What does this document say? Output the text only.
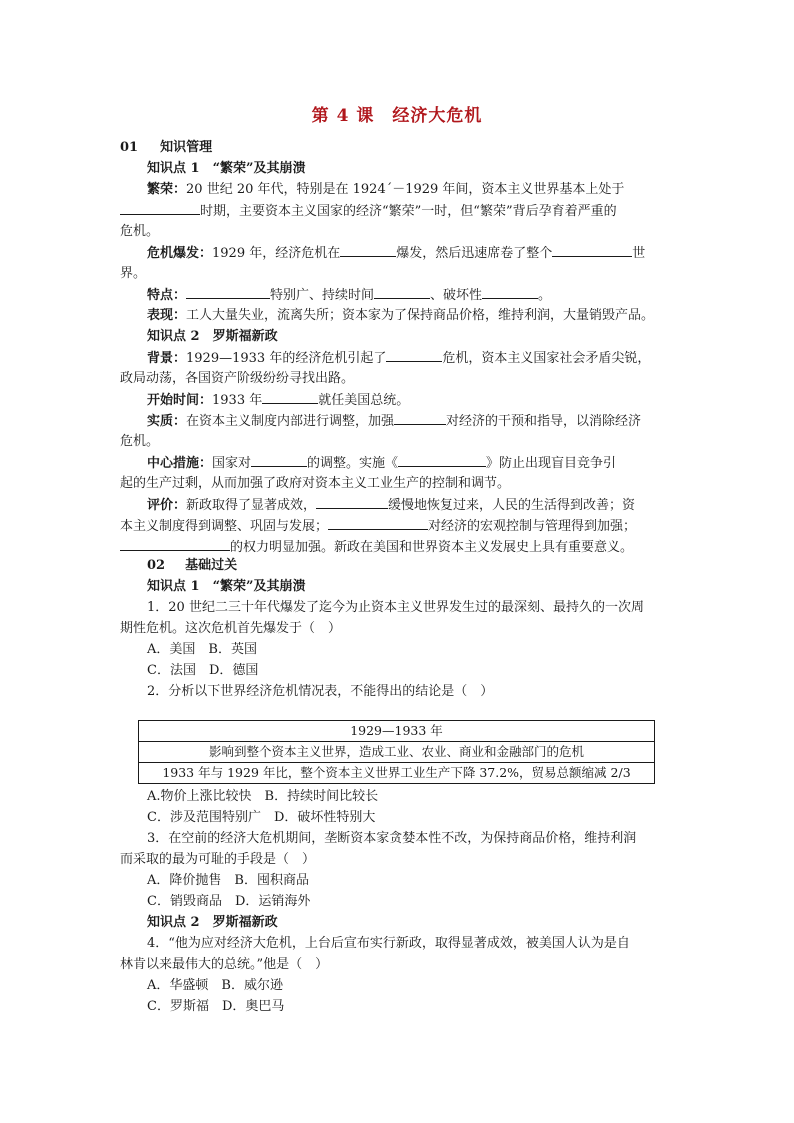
第 4 课　经济大危机
01 知识管理
知识点 1　“繁荣”及其崩溃
繁荣：20 世纪 20 年代，特别是在 1924´－1929 年间，资本主义世界基本上处于
时期，主要资本主义国家的经济“繁荣”一时，但“繁荣”背后孕育着严重的
危机。
危机爆发：1929 年，经济危机在	爆发，然后迅速席卷了整个	世
界。
特点：	特别广、持续时间	、破坏性	。
表现：工人大量失业，流离失所；资本家为了保持商品价格，维持利润，大量销毁产品。
知识点 2　罗斯福新政
背景：1929—1933 年的经济危机引起了	危机，资本主义国家社会矛盾尖锐，
政局动荡，各国资产阶级纷纷寻找出路。
开始时间：1933 年	就任美国总统。
实质：在资本主义制度内部进行调整，加强	对经济的干预和指导，以消除经济
危机。
中心措施：国家对	的调整。实施《	》防止出现盲目竞争引
起的生产过剩，从而加强了政府对资本主义工业生产的控制和调节。
评价：新政取得了显著成效，	缓慢地恢复过来，人民的生活得到改善；资
本主义制度得到调整、巩固与发展；	对经济的宏观控制与管理得到加强；
的权力明显加强。新政在美国和世界资本主义发展史上具有重要意义。
02 基础过关
知识点 1　“繁荣”及其崩溃
1．20 世纪二三十年代爆发了迄今为止资本主义世界发生过的最深刻、最持久的一次周
期性危机。这次危机首先爆发于（　）
A．美国　B．英国
C．法国　D．德国
2．分析以下世界经济危机情况表，不能得出的结论是（　）
1929—1933 年
影响到整个资本主义世界，造成工业、农业、商业和金融部门的危机
1933 年与 1929 年比，整个资本主义世界工业生产下降 37.2%，贸易总额缩减 2/3
A.物价上涨比较快　B．持续时间比较长
C．涉及范围特别广　D．破坏性特别大
3．在空前的经济大危机期间，垄断资本家贪婪本性不改，为保持商品价格，维持利润
而采取的最为可耻的手段是（　）
A．降价抛售　B．囤积商品
C．销毁商品　D．运销海外
知识点 2　罗斯福新政
4．“他为应对经济大危机，上台后宣布实行新政，取得显著成效，被美国人认为是自
林肯以来最伟大的总统。”他是（　）
A．华盛顿　B．威尔逊
C．罗斯福　D．奥巴马
